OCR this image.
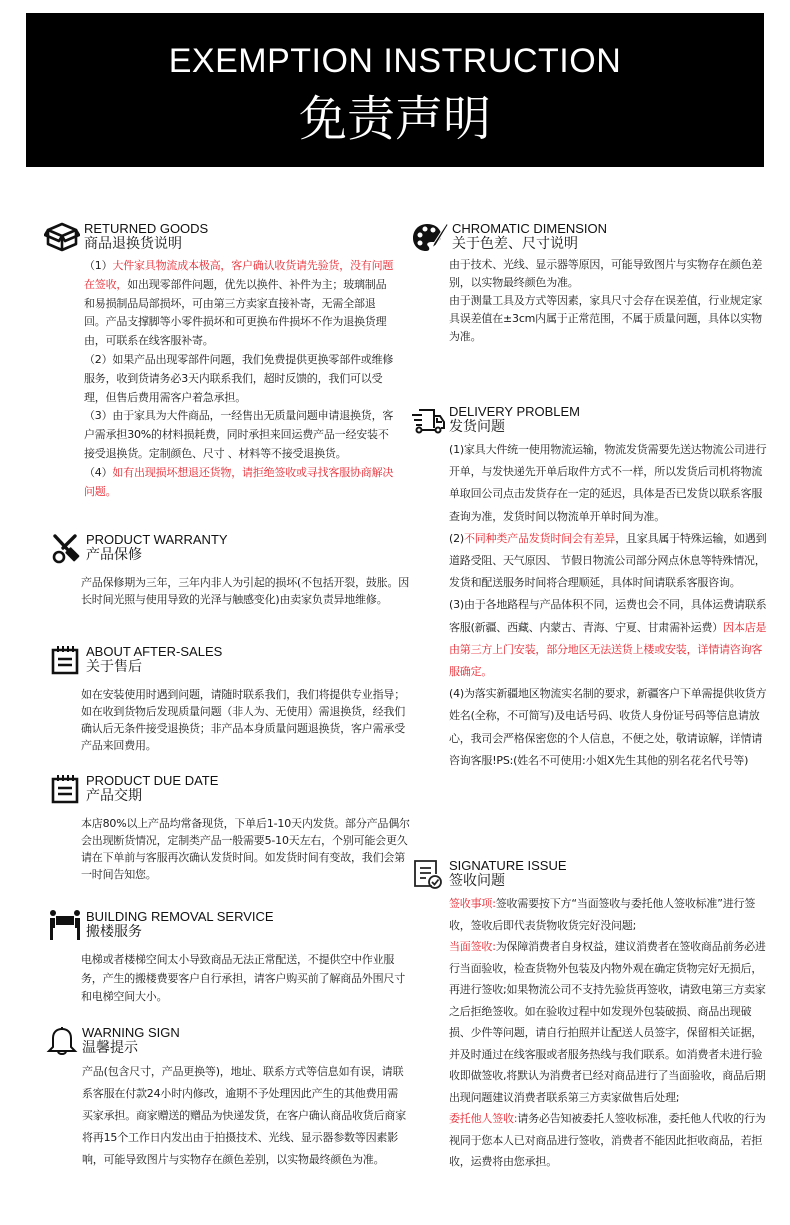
EXEMPTION INSTRUCTION
免责声明
RETURNED GOODS
商品退换货说明

（1）大件家具物流成本极高，客户确认收货请先验货，没有问题在签收，如出现零部件问题，优先以换件、补件为主；玻璃制品和易损制品局部损坏，可由第三方卖家直接补寄，无需全部退回。产品支撑脚等小零件损坏和可更换布件损坏不作为退换货理由，可联系在线客服补寄。

（2）如果产品出现零部件问题，我们免费提供更换零部件或维修服务，收到货请务必3天内联系我们，超时反馈的，我们可以受理，但售后费用需客户着急承担。

（3）由于家具为大件商品，一经售出无质量问题申请退换货，客户需承担30%的材料损耗费，同时承担来回运费产品一经安装不接受退换货。定制颜色、尺寸 、材料等不接受退换货。

（4）如有出现损坏想退还货物，请拒绝签收或寻找客服协商解决问题。

PRODUCT WARRANTY
产品保修

产品保修期为三年，三年内非人为引起的损坏(不包括开裂，鼓胀。因长时间光照与使用导致的光泽与触感变化)由卖家负责异地维修。

ABOUT AFTER-SALES
关于售后

如在安装使用时遇到问题，请随时联系我们，我们将提供专业指导；如在收到货物后发现质量问题（非人为、无使用）需退换货，经我们确认后无条件接受退换货；非产品本身质量问题退换货，客户需承受产品来回费用。

PRODUCT DUE DATE
产品交期

本店80%以上产品均常备现货，下单后1-10天内发货。部分产品偶尔会出现断货情况，定制类产品一般需要5-10天左右，个别可能会更久请在下单前与客服再次确认发货时间。如发货时间有变故，我们会第一时间告知您。

BUILDING REMOVAL SERVICE
搬楼服务

电梯或者楼梯空间太小导致商品无法正常配送，不提供空中作业服务，产生的搬楼费要客户自行承担，请客户购买前了解商品外围尺寸和电梯空间大小。

WARNING SIGN
温馨提示

产品(包含尺寸，产品更换等)，地址、联系方式等信息如有误，请联系客服在付款24小时内修改，逾期不予处理因此产生的其他费用需买家承担。商家赠送的赠品为快递发货，在客户确认商品收货后商家将再15个工作日内发出由于拍摄技术、光线、显示器参数等因素影响，可能导致图片与实物存在颜色差别，以实物最终颜色为准。

CHROMATIC DIMENSION
关于色差、尺寸说明

由于技术、光线、显示器等原因，可能导致图片与实物存在颜色差别，以实物最终颜色为准。

由于测量工具及方式等因素，家具尺寸会存在误差值，行业规定家具误差值在±3cm内属于正常范围，不属于质量问题，具体以实物为准。

DELIVERY PROBLEM
发货问题

(1)家具大件统一使用物流运输，物流发货需要先送达物流公司进行开单，与发快递先开单后取件方式不一样，所以发货后司机将物流单取回公司点击发货存在一定的延迟，具体是否已发货以联系客服查询为准，发货时间以物流单开单时间为准。

(2)不同种类产品发货时间会有差异，且家具属于特殊运输，如遇到道路受阻、天气原因、 节假日物流公司部分网点休息等特殊情况，发货和配送服务时间将合理顺延，具体时间请联系客服咨询。

(3)由于各地路程与产品体积不同，运费也会不同，具体运费请联系客服(新疆、西藏、内蒙古、青海、宁夏、甘肃需补运费）因本店是由第三方上门安装，部分地区无法送货上楼或安装，详情请咨询客服确定。

(4)为落实新疆地区物流实名制的要求，新疆客户下单需提供收货方姓名(全称，不可简写)及电话号码、收货人身份证号码等信息请放心，我司会严格保密您的个人信息，不便之处，敬请谅解，详情请咨询客服!PS:(姓名不可使用:小姐X先生其他的别名花名代号等)

SIGNATURE ISSUE
签收问题

签收事项:签收需要按下方“当面签收与委托他人签收标准”进行签收，签收后即代表货物收货完好没问题;

当面签收:为保障消费者自身权益，建议消费者在签收商品前务必进行当面验收，检查货物外包装及内物外观在确定货物完好无损后，再进行签收;如果物流公司不支持先验货再签收，请致电第三方卖家之后拒绝签收。如在验收过程中如发现外包装破损、商品出现破损、少件等问题，请自行拍照并让配送人员签字，保留相关证据，并及时通过在线客服或者服务热线与我们联系。如消费者未进行验收即做签收,将默认为消费者已经对商品进行了当面验收，商品后期出现问题建议消费者联系第三方卖家做售后处理;

委托他人签收:请务必告知被委托人签收标准，委托他人代收的行为视同于您本人已对商品进行签收，消费者不能因此拒收商品，若拒收，运费将由您承担。
